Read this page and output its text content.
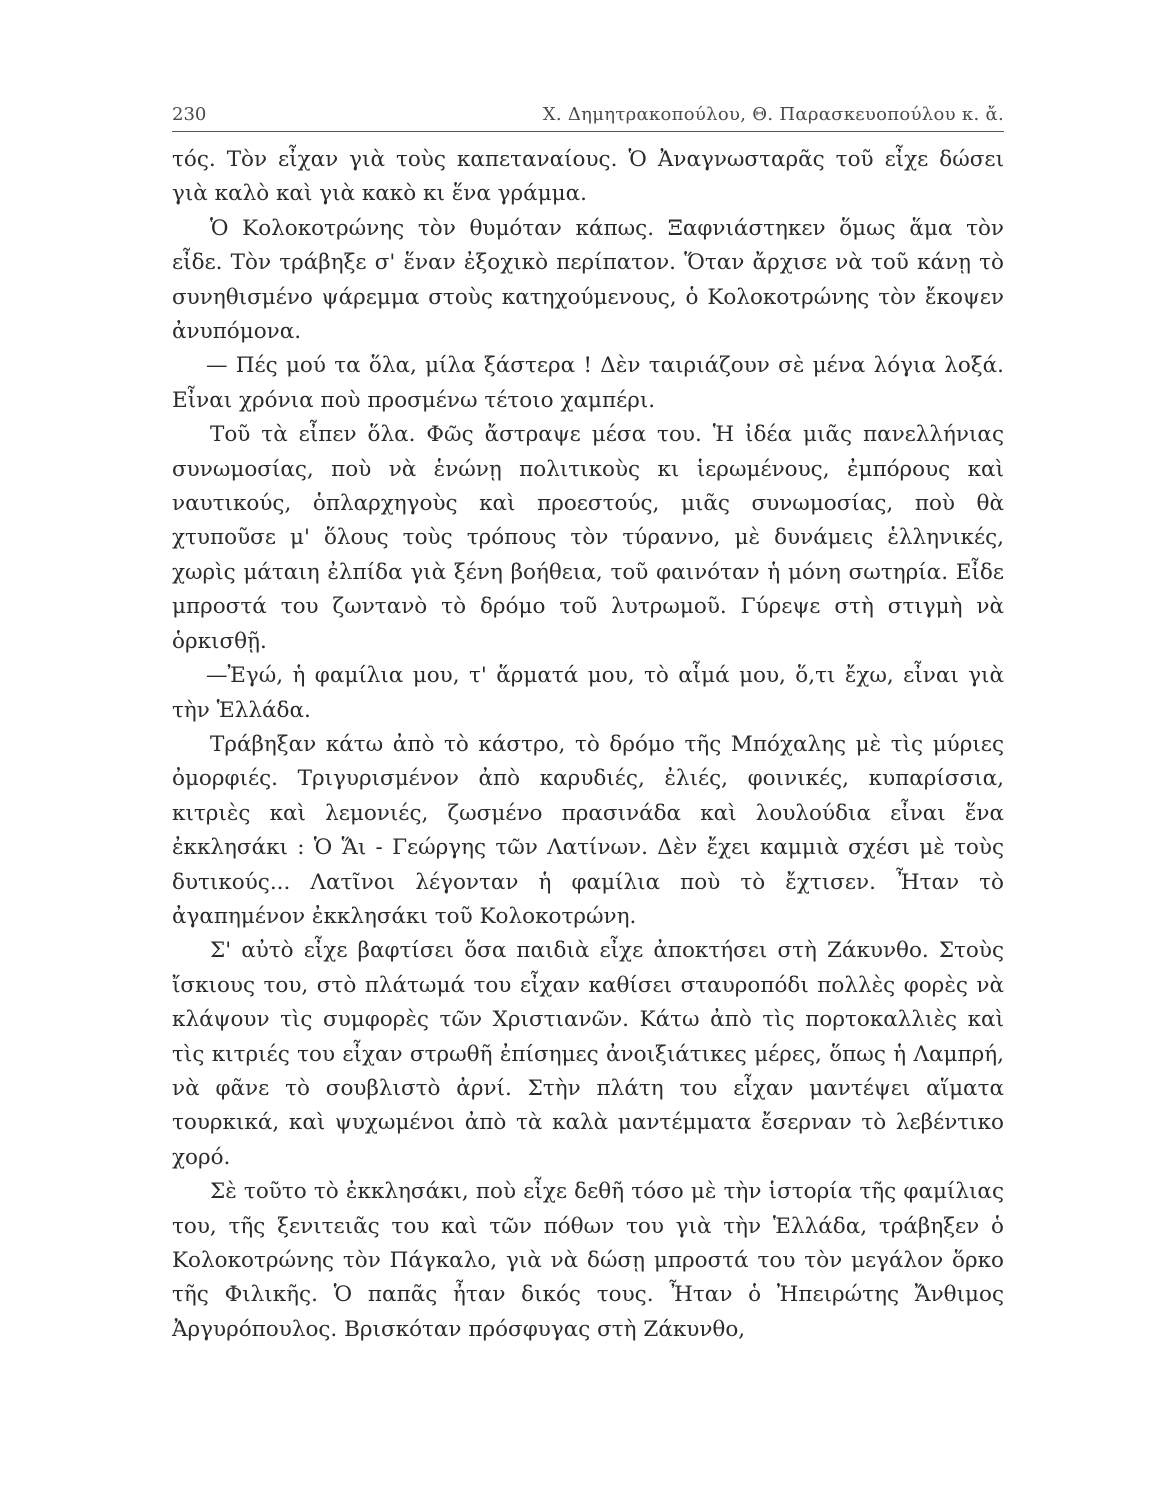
230	Χ. Δημητρακοπούλου, Θ. Παρασκευοπούλου κ. ἄ.

τός. Τὸν εἶχαν γιὰ τοὺς καπεταναίους. Ὁ Ἀναγνωσταρᾶς τοῦ εἶχε δώσει γιὰ καλὸ καὶ γιὰ κακὸ κι ἕνα γράμμα.

Ὁ Κολοκοτρώνης τὸν θυμόταν κάπως. Ξαφνιάστηκεν ὅμως ἅμα τὸν εἶδε. Τὸν τράβηξε σ' ἕναν ἐξοχικὸ περίπατον. Ὅταν ἄρχισε νὰ τοῦ κάνῃ τὸ συνηθισμένο ψάρεμμα στοὺς κατηχούμενους, ὁ Κολοκοτρώνης τὸν ἔκοψεν ἀνυπόμονα.

— Πές μού τα ὅλα, μίλα ξάστερα ! Δὲν ταιριάζουν σὲ μένα λόγια λοξά. Εἶναι χρόνια ποὺ προσμένω τέτοιο χαμπέρι.

Τοῦ τὰ εἶπεν ὅλα. Φῶς ἄστραψε μέσα του. Ἡ ἰδέα μιᾶς πανελλήνιας συνωμοσίας, ποὺ νὰ ἑνώνῃ πολιτικοὺς κι ἱερωμένους, ἐμπόρους καὶ ναυτικούς, ὁπλαρχηγοὺς καὶ προεστούς, μιᾶς συνωμοσίας, ποὺ θὰ χτυποῦσε μ' ὅλους τοὺς τρόπους τὸν τύραννο, μὲ δυνάμεις ἑλληνικές, χωρὶς μάταιη ἐλπίδα γιὰ ξένη βοήθεια, τοῦ φαινόταν ἡ μόνη σωτηρία. Εἶδε μπροστά του ζωντανὸ τὸ δρόμο τοῦ λυτρωμοῦ. Γύρεψε στὴ στιγμὴ νὰ ὁρκισθῇ.

—Ἐγώ, ἡ φαμίλια μου, τ' ἅρματά μου, τὸ αἷμά μου, ὅ,τι ἔχω, εἶναι γιὰ τὴν Ἑλλάδα.

Τράβηξαν κάτω ἀπὸ τὸ κάστρο, τὸ δρόμο τῆς Μπόχαλης μὲ τὶς μύριες ὀμορφιές. Τριγυρισμένον ἀπὸ καρυδιές, ἐλιές, φοινικές, κυπαρίσσια, κιτριὲς καὶ λεμονιές, ζωσμένο πρασινάδα καὶ λουλούδια εἶναι ἕνα ἐκκλησάκι : Ὁ Ἅι - Γεώργης τῶν Λατίνων. Δὲν ἔχει καμμιὰ σχέσι μὲ τοὺς δυτικούς... Λατῖνοι λέγονταν ἡ φαμίλια ποὺ τὸ ἔχτισεν. Ἦταν τὸ ἀγαπημένον ἐκκλησάκι τοῦ Κολοκοτρώνη.

Σ' αὐτὸ εἶχε βαφτίσει ὅσα παιδιὰ εἶχε ἀποκτήσει στὴ Ζάκυνθο. Στοὺς ἴσκιους του, στὸ πλάτωμά του εἶχαν καθίσει σταυροπόδι πολλὲς φορὲς νὰ κλάψουν τὶς συμφορὲς τῶν Χριστιανῶν. Κάτω ἀπὸ τὶς πορτοκαλλιὲς καὶ τὶς κιτριές του εἶχαν στρωθῆ ἐπίσημες ἀνοιξιάτικες μέρες, ὅπως ἡ Λαμπρή, νὰ φᾶνε τὸ σουβλιστὸ ἀρνί. Στὴν πλάτη του εἶχαν μαντέψει αἵματα τουρκικά, καὶ ψυχωμένοι ἀπὸ τὰ καλὰ μαντέμματα ἔσερναν τὸ λεβέντικο χορό.

Σὲ τοῦτο τὸ ἐκκλησάκι, ποὺ εἶχε δεθῆ τόσο μὲ τὴν ἱστορία τῆς φαμίλιας του, τῆς ξενιτειᾶς του καὶ τῶν πόθων του γιὰ τὴν Ἑλλάδα, τράβηξεν ὁ Κολοκοτρώνης τὸν Πάγκαλο, γιὰ νὰ δώσῃ μπροστά του τὸν μεγάλον ὅρκο τῆς Φιλικῆς. Ὁ παπᾶς ἦταν δικός τους. Ἦταν ὁ Ἠπειρώτης Ἄνθιμος Ἀργυρόπουλος. Βρισκόταν πρόσφυγας στὴ Ζάκυνθο,
